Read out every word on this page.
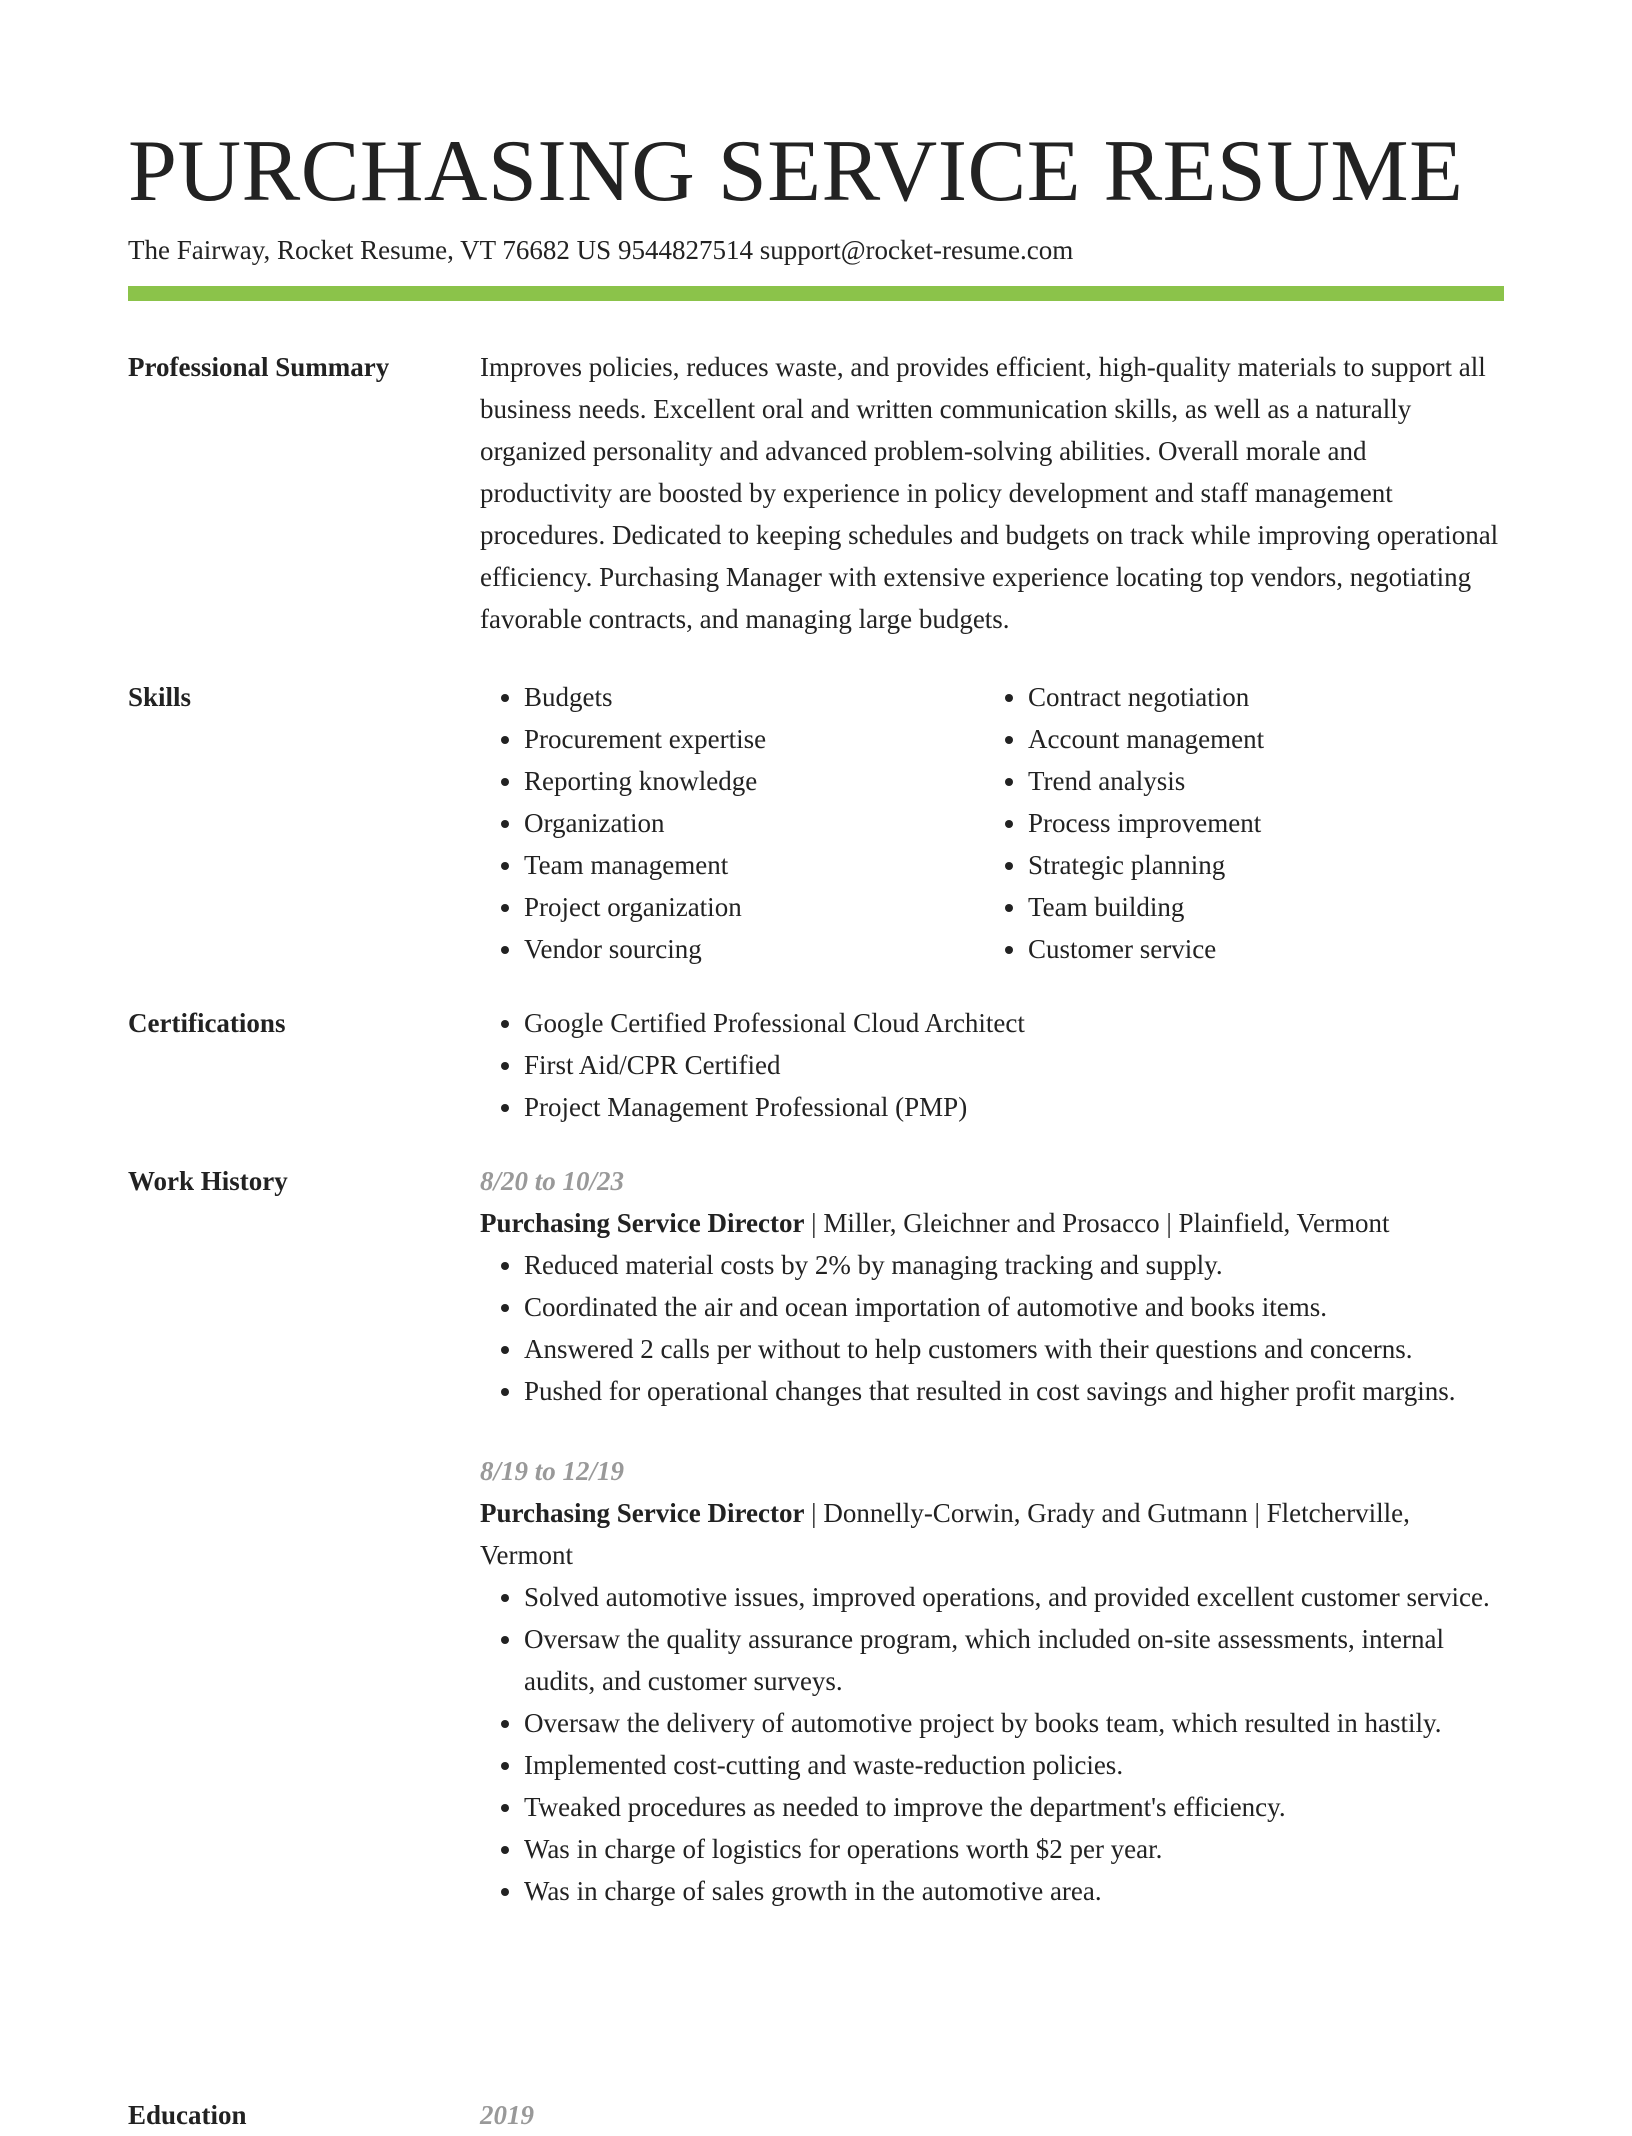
PURCHASING SERVICE RESUME
The Fairway, Rocket Resume, VT 76682 US 9544827514 support@rocket-resume.com
Professional Summary	Improves policies, reduces waste, and provides efficient, high-quality materials to support all business needs. Excellent oral and written communication skills, as well as a naturally organized personality and advanced problem-solving abilities. Overall morale and productivity are boosted by experience in policy development and staff management procedures. Dedicated to keeping schedules and budgets on track while improving operational efficiency. Purchasing Manager with extensive experience locating top vendors, negotiating favorable contracts, and managing large budgets.

Skills	• Budgets
• Procurement expertise
• Reporting knowledge
• Organization
• Team management
• Project organization
• Vendor sourcing
• Contract negotiation
• Account management
• Trend analysis
• Process improvement
• Strategic planning
• Team building
• Customer service
Certifications	• Google Certified Professional Cloud Architect
• First Aid/CPR Certified
• Project Management Professional (PMP)
Work History	8/20 to 10/23

Purchasing Service Director | Miller, Gleichner and Prosacco | Plainfield, Vermont

• Reduced material costs by 2% by managing tracking and supply.
• Coordinated the air and ocean importation of automotive and books items.
• Answered 2 calls per without to help customers with their questions and concerns.
• Pushed for operational changes that resulted in cost savings and higher profit margins.

8/19 to 12/19

Purchasing Service Director | Donnelly-Corwin, Grady and Gutmann | Fletcherville, Vermont

• Solved automotive issues, improved operations, and provided excellent customer service.
• Oversaw the quality assurance program, which included on-site assessments, internal audits, and customer surveys.
• Oversaw the delivery of automotive project by books team, which resulted in hastily.
• Implemented cost-cutting and waste-reduction policies.
• Tweaked procedures as needed to improve the department's efficiency.
• Was in charge of logistics for operations worth $2 per year.
• Was in charge of sales growth in the automotive area.
Education	2019
